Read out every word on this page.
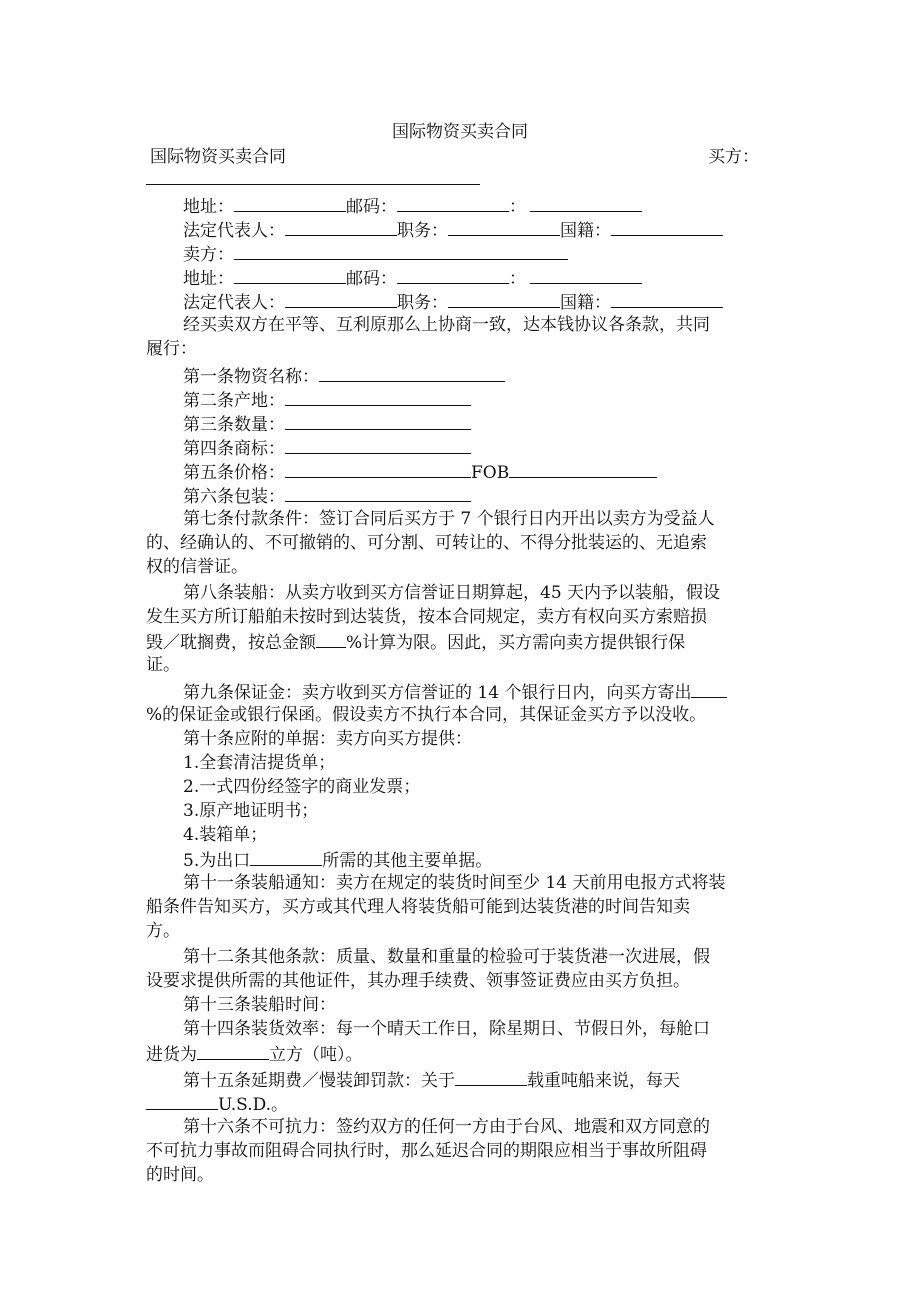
国际物资买卖合同
国际物资买卖合同	买方：
地址：	邮码：	：
法定代表人：	职务：	国籍：
卖方：
地址：	邮码：	：
法定代表人：	职务：	国籍：
经买卖双方在平等、互利原那么上协商一致，达本钱协议各条款，共同
履行：
第一条物资名称：
第二条产地：
第三条数量：
第四条商标：
第五条价格：	FOB
第六条包装：
第七条付款条件：签订合同后买方于 7 个银行日内开出以卖方为受益人
的、经确认的、不可撤销的、可分割、可转让的、不得分批装运的、无追索
权的信誉证。
第八条装船：从卖方收到买方信誉证日期算起，45 天内予以装船，假设
发生买方所订船舶未按时到达装货，按本合同规定，卖方有权向买方索赔损
毁／耽搁费，按总金额 %计算为限。因此，买方需向卖方提供银行保
证。
第九条保证金：卖方收到买方信誉证的 14 个银行日内，向买方寄出
%的保证金或银行保函。假设卖方不执行本合同，其保证金买方予以没收。
第十条应附的单据：卖方向买方提供：
1.全套清洁提货单；
2.一式四份经签字的商业发票；
3.原产地证明书；
4.装箱单；
5.为出口	所需的其他主要单据。
第十一条装船通知：卖方在规定的装货时间至少 14 天前用电报方式将装
船条件告知买方，买方或其代理人将装货船可能到达装货港的时间告知卖
方。
第十二条其他条款：质量、数量和重量的检验可于装货港一次进展，假
设要求提供所需的其他证件，其办理手续费、领事签证费应由买方负担。
第十三条装船时间：
第十四条装货效率：每一个晴天工作日，除星期日、节假日外，每舱口
进货为	立方（吨）。
第十五条延期费／慢装卸罚款：关于	载重吨船来说，每天
U.S.D.。
第十六条不可抗力：签约双方的任何一方由于台风、地震和双方同意的
不可抗力事故而阻碍合同执行时，那么延迟合同的期限应相当于事故所阻碍
的时间。
